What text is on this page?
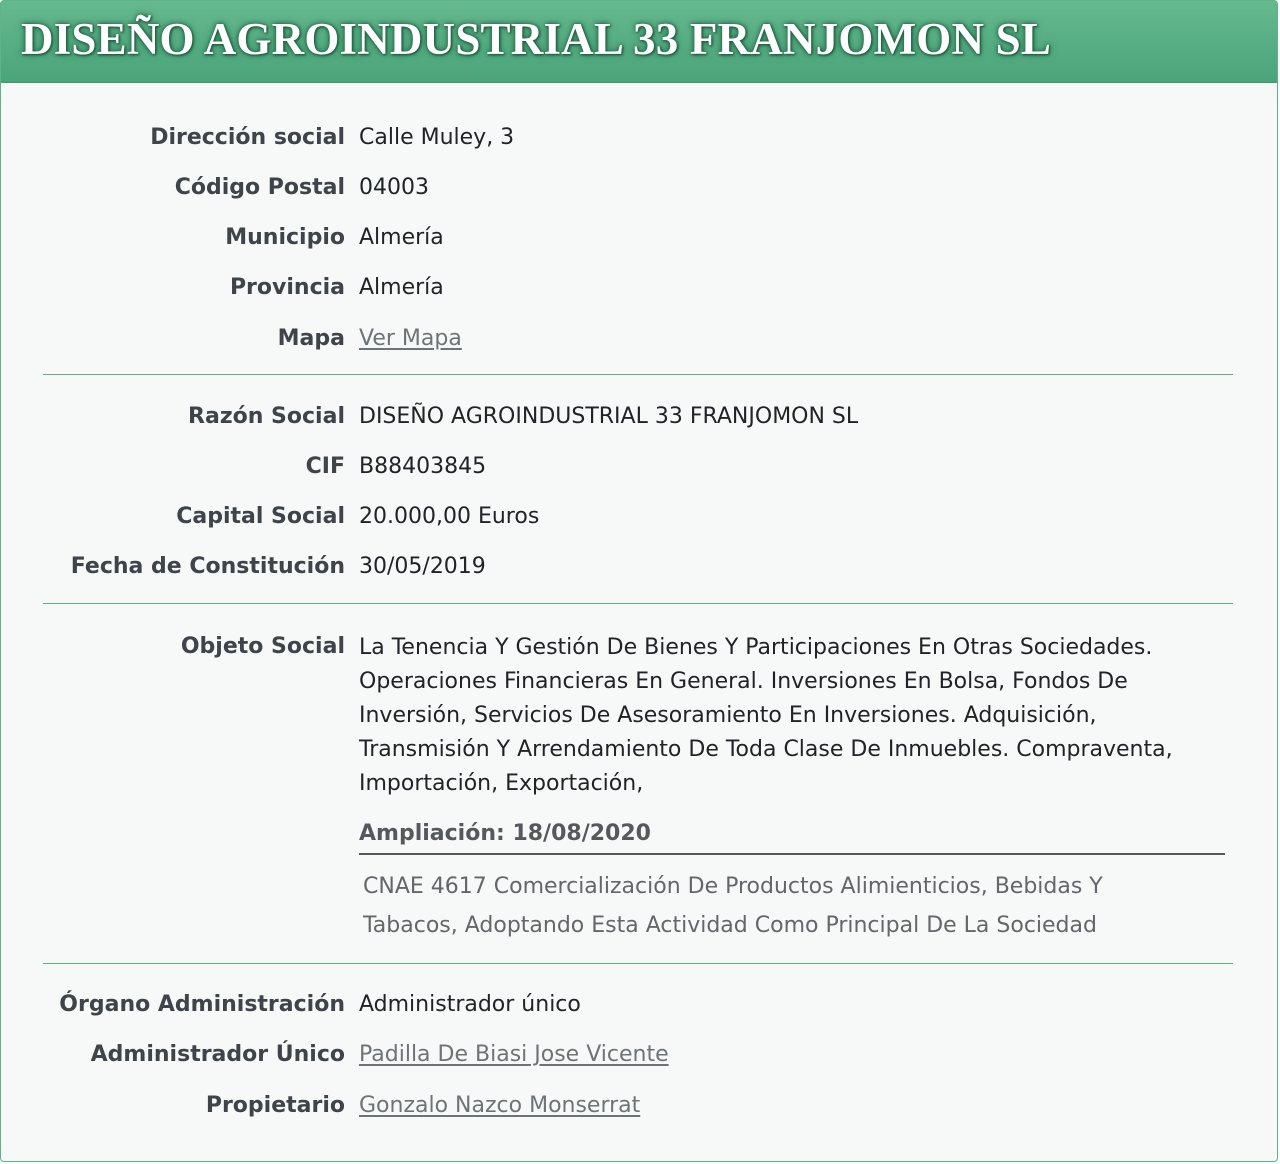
DISEÑO AGROINDUSTRIAL 33 FRANJOMON SL
Dirección social Calle Muley, 3
Código Postal 04003
Municipio Almería
Provincia Almería
Mapa Ver Mapa
Razón Social DISEÑO AGROINDUSTRIAL 33 FRANJOMON SL
CIF B88403845
Capital Social 20.000,00 Euros
Fecha de Constitución 30/05/2019
Objeto Social La Tenencia Y Gestión De Bienes Y Participaciones En Otras Sociedades.
Operaciones Financieras En General. Inversiones En Bolsa, Fondos De
Inversión, Servicios De Asesoramiento En Inversiones. Adquisición,
Transmisión Y Arrendamiento De Toda Clase De Inmuebles. Compraventa,
Importación, Exportación,
Ampliación: 18/08/2020
CNAE 4617 Comercialización De Productos Alimienticios, Bebidas Y
Tabacos, Adoptando Esta Actividad Como Principal De La Sociedad
Órgano Administración Administrador único
Administrador Único Padilla De Biasi Jose Vicente
Propietario Gonzalo Nazco Monserrat
